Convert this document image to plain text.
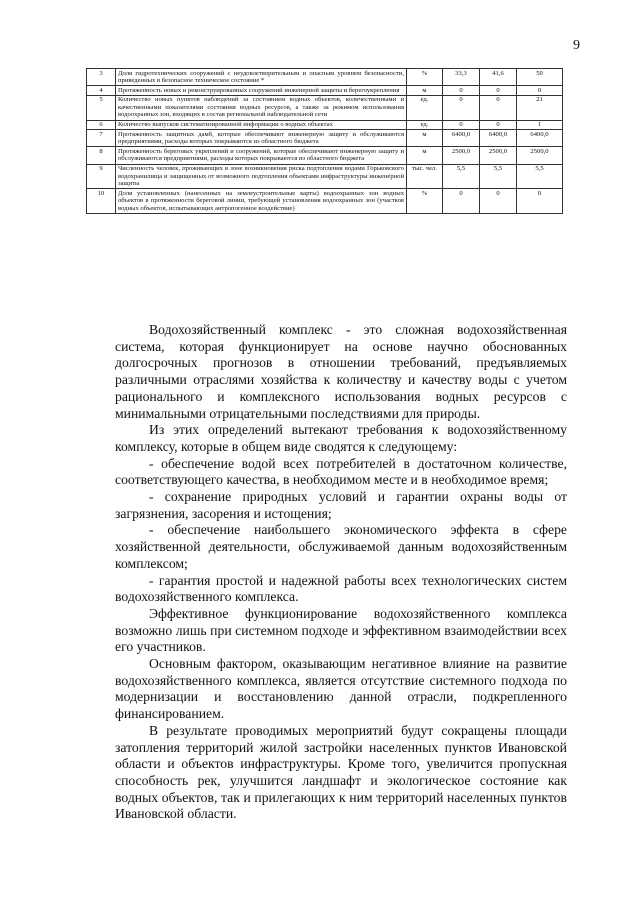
9
3	Доля гидротехнических сооружений с неудовлетворительным и опасным уровнем безопасности, приведенных в безопасное техническое состояние *	%	33,3	41,6	50
4	Протяженность новых и реконструированных сооружений инженерной защиты и берегоукрепления	м	0	0	0
5	Количество новых пунктов наблюдений за состоянием водных объектов, количественными и качественными показателями состояния водных ресурсов, а также за режимом использования водоохранных зон, входящих в состав региональной наблюдательной сети	ед.	0	0	21
6	Количество выпусков систематизированной информации о водных объектах	ед.	0	0	1
7	Протяженность защитных дамб, которые обеспечивают инженерную защиту и обслуживаются предприятиями, расходы которых покрываются из областного бюджета	м	6400,0	6400,0	6400,0
8	Протяженность береговых укреплений и сооружений, которые обеспечивают инженерную защиту и обслуживаются предприятиями, расходы которых покрываются из областного бюджета	м	2500,0	2500,0	2500,0
9	Численность человек, проживающих в зоне возникновения риска подтопления водами Горьковского водохранилища и защищенных от возможного подтопления объектами инфраструктуры инженерной защиты	тыс. чел.	5,5	5,5	5,5
10	Доля установленных (нанесенных на землеустроительные карты) водоохранных зон водных объектов в протяженности береговой линии, требующей установления водоохранных зон (участков водных объектов, испытывающих антропогенное воздействие)	%	0	0	0

Водохозяйственный комплекс - это сложная водохозяйственная система, которая функционирует на основе научно обоснованных долгосрочных прогнозов в отношении требований, предъявляемых различными отраслями хозяйства к количеству и качеству воды с учетом рационального и комплексного использования водных ресурсов с минимальными отрицательными последствиями для природы.

Из этих определений вытекают требования к водохозяйственному комплексу, которые в общем виде сводятся к следующему:

- обеспечение водой всех потребителей в достаточном количестве, соответствующего качества, в необходимом месте и в необходимое время;

- сохранение природных условий и гарантии охраны воды от загрязнения, засорения и истощения;

- обеспечение наибольшего экономического эффекта в сфере хозяйственной деятельности, обслуживаемой данным водохозяйственным комплексом;

- гарантия простой и надежной работы всех технологических систем водохозяйственного комплекса.

Эффективное функционирование водохозяйственного комплекса возможно лишь при системном подходе и эффективном взаимодействии всех его участников.

Основным фактором, оказывающим негативное влияние на развитие водохозяйственного комплекса, является отсутствие системного подхода по модернизации и восстановлению данной отрасли, подкрепленного финансированием.

В результате проводимых мероприятий будут сокращены площади затопления территорий жилой застройки населенных пунктов Ивановской области и объектов инфраструктуры. Кроме того, увеличится пропускная способность рек, улучшится ландшафт и экологическое состояние как водных объектов, так и прилегающих к ним территорий населенных пунктов Ивановской области.
